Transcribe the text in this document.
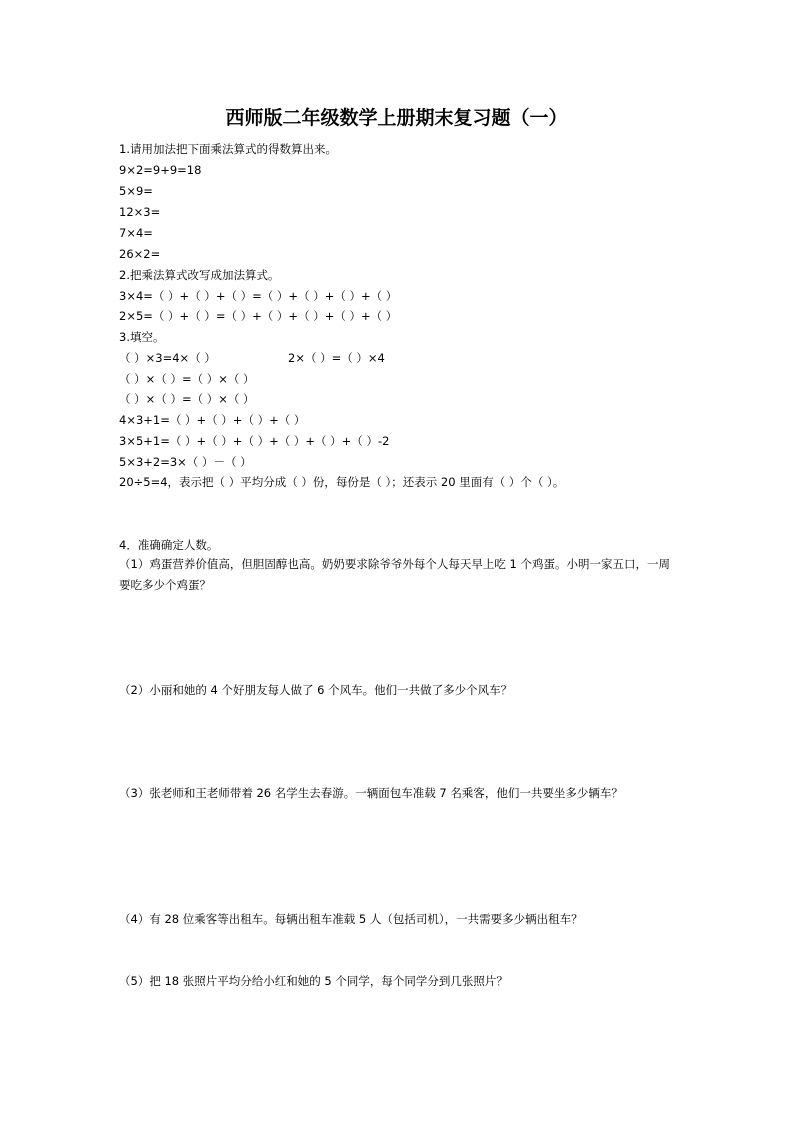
西师版二年级数学上册期末复习题（一）
1.请用加法把下面乘法算式的得数算出来。
9×2=9+9=18
5×9=
12×3=
7×4=
26×2=
2.把乘法算式改写成加法算式。
3×4=（ ）+（ ）+（ ）=（ ）+（ ）+（ ）+（ ）
2×5=（ ）+（ ）=（ ）+（ ）+（ ）+（ ）+（ ）
3.填空。
（ ）×3=4×（ ）	2×（ ）=（ ）×4
（ ）×（ ）=（ ）×（ ）
（ ）×（ ）=（ ）×（ ）
4×3+1=（ ）+（ ）+（ ）+（ ）
3×5+1=（ ）+（ ）+（ ）+（ ）+（ ）+（ ）-2
5×3+2=3×（ ）－（ ）
20÷5=4，表示把（ ）平均分成（ ）份，每份是（ ）；还表示 20 里面有（ ）个（ ）。
4．准确确定人数。
（1）鸡蛋营养价值高，但胆固醇也高。奶奶要求除爷爷外每个人每天早上吃 1 个鸡蛋。小明一家五口，一周要吃多少个鸡蛋？
（2）小丽和她的 4 个好朋友每人做了 6 个风车。他们一共做了多少个风车？
（3）张老师和王老师带着 26 名学生去春游。一辆面包车准载 7 名乘客，他们一共要坐多少辆车？
（4）有 28 位乘客等出租车。每辆出租车准载 5 人（包括司机），一共需要多少辆出租车？
（5）把 18 张照片平均分给小红和她的 5 个同学，每个同学分到几张照片？
